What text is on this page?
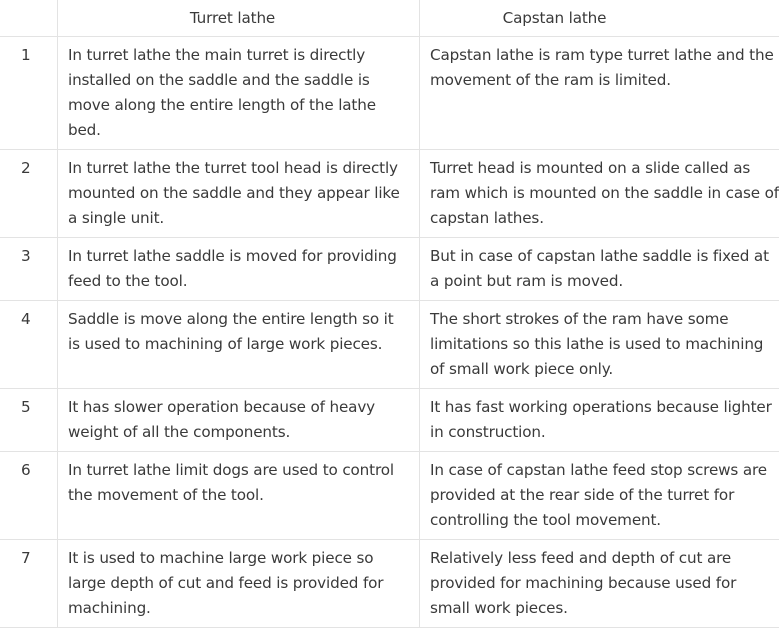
	Turret lathe	Capstan lathe
1	In turret lathe the main turret is directly installed on the saddle and the saddle is move along the entire length of the lathe bed.	Capstan lathe is ram type turret lathe and the movement of the ram is limited.
2	In turret lathe the turret tool head is directly mounted on the saddle and they appear like a single unit.	Turret head is mounted on a slide called as ram which is mounted on the saddle in case of capstan lathes.
3	In turret lathe saddle is moved for providing feed to the tool.	But in case of capstan lathe saddle is fixed at a point but ram is moved.
4	Saddle is move along the entire length so it is used to machining of large work pieces.	The short strokes of the ram have some limitations so this lathe is used to machining of small work piece only.
5	It has slower operation because of heavy weight of all the components.	It has fast working operations because lighter in construction.
6	In turret lathe limit dogs are used to control the movement of the tool.	In case of capstan lathe feed stop screws are provided at the rear side of the turret for controlling the tool movement.
7	It is used to machine large work piece so large depth of cut and feed is provided for machining.	Relatively less feed and depth of cut are provided for machining because used for small work pieces.
